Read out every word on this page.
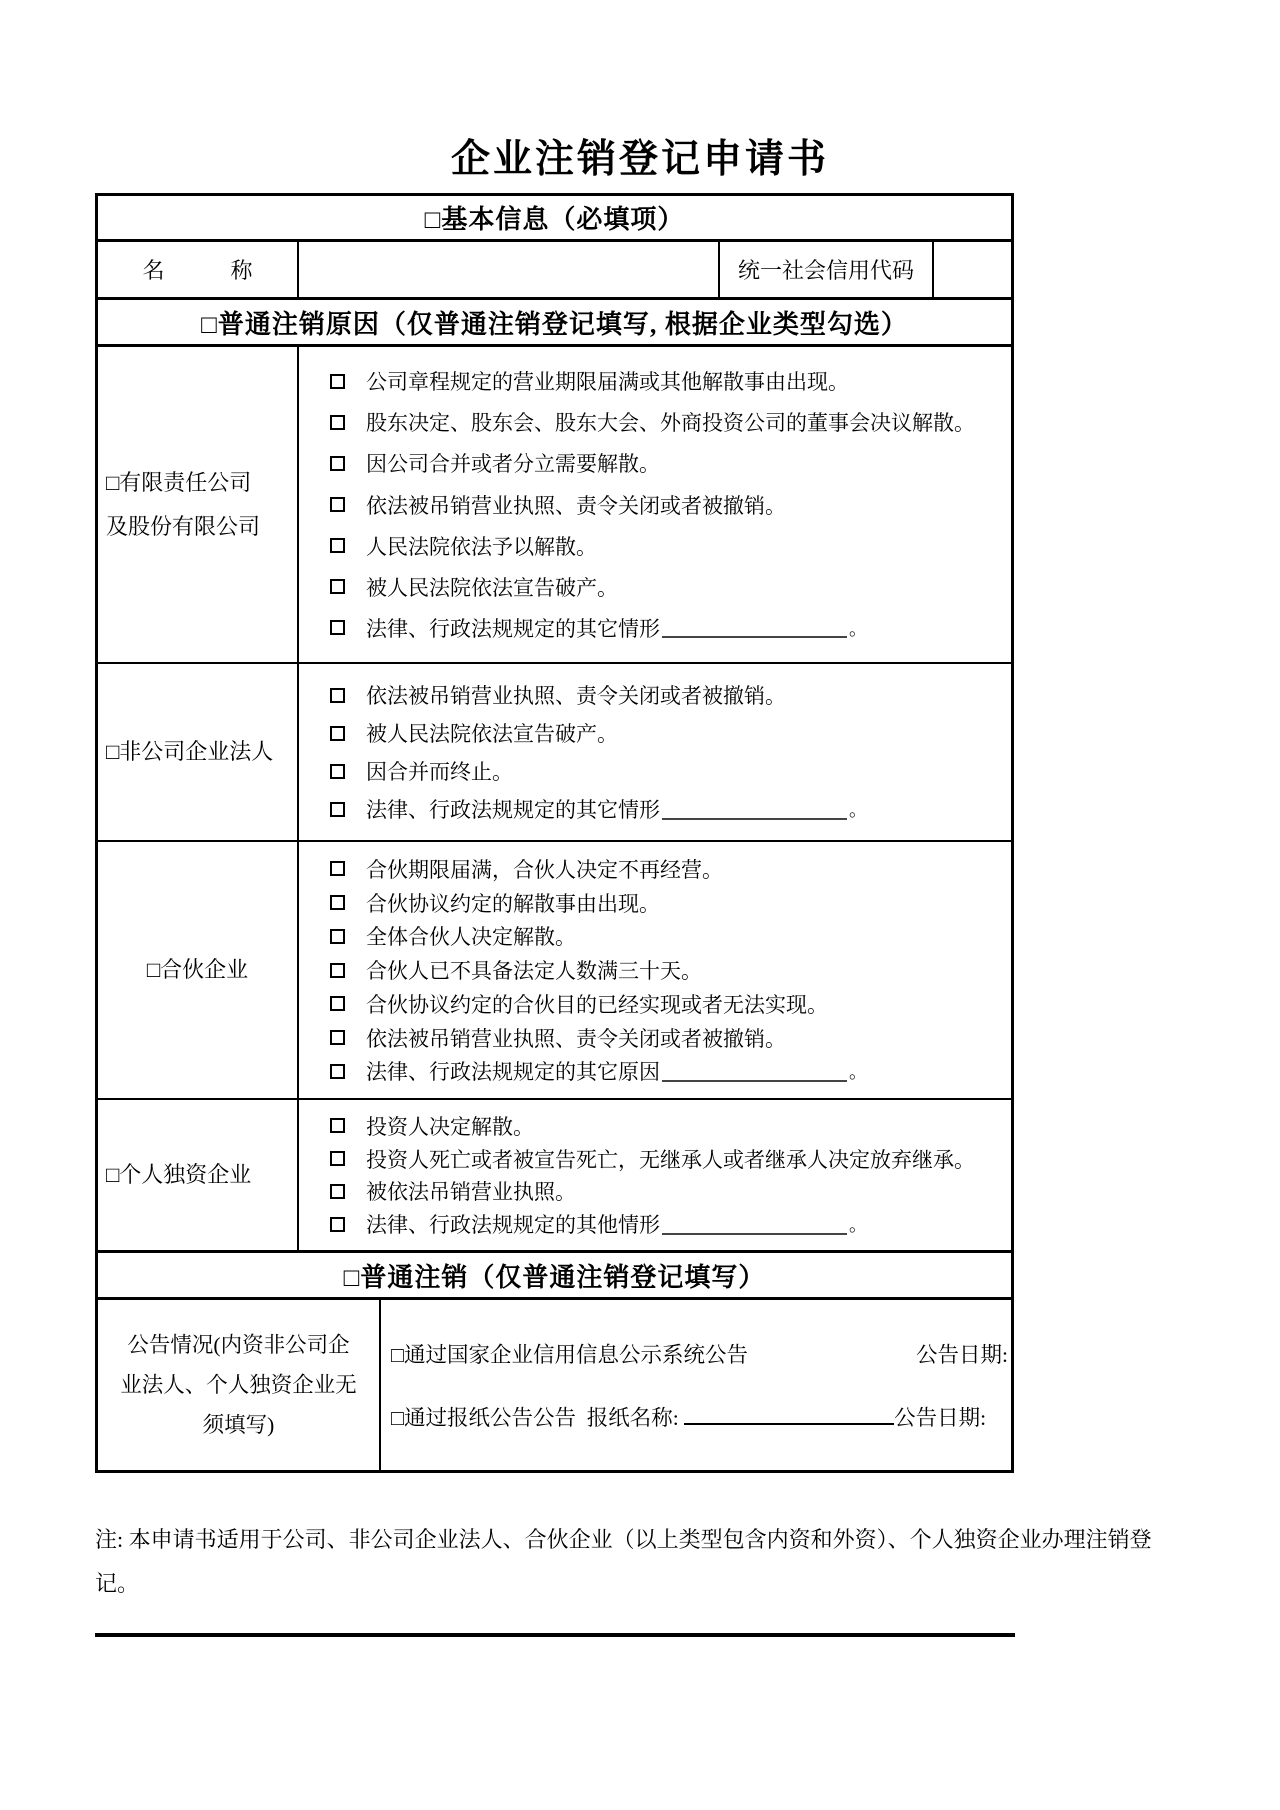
企业注销登记申请书
□基本信息（必填项）
名　　　称	统一社会信用代码
□普通注销原因（仅普通注销登记填写, 根据企业类型勾选）
□有限责任公司
及股份有限公司
公司章程规定的营业期限届满或其他解散事由出现。
股东决定、股东会、股东大会、外商投资公司的董事会决议解散。
因公司合并或者分立需要解散。
依法被吊销营业执照、责令关闭或者被撤销。
人民法院依法予以解散。
被人民法院依法宣告破产。
法律、行政法规规定的其它情形	。
□非公司企业法人
依法被吊销营业执照、责令关闭或者被撤销。
被人民法院依法宣告破产。
因合并而终止。
法律、行政法规规定的其它情形	。
□合伙企业
合伙期限届满，合伙人决定不再经营。
合伙协议约定的解散事由出现。
全体合伙人决定解散。
合伙人已不具备法定人数满三十天。
合伙协议约定的合伙目的已经实现或者无法实现。
依法被吊销营业执照、责令关闭或者被撤销。
法律、行政法规规定的其它原因	。
□个人独资企业
投资人决定解散。
投资人死亡或者被宣告死亡，无继承人或者继承人决定放弃继承。
被依法吊销营业执照。
法律、行政法规规定的其他情形	。
□普通注销（仅普通注销登记填写）
公告情况(内资非公司企
业法人、个人独资企业无
须填写)
□通过国家企业信用信息公示系统公告	公告日期:
□通过报纸公告公告  报纸名称:	公告日期:
注: 本申请书适用于公司、非公司企业法人、合伙企业（以上类型包含内资和外资）、个人独资企业办理注销登记。
